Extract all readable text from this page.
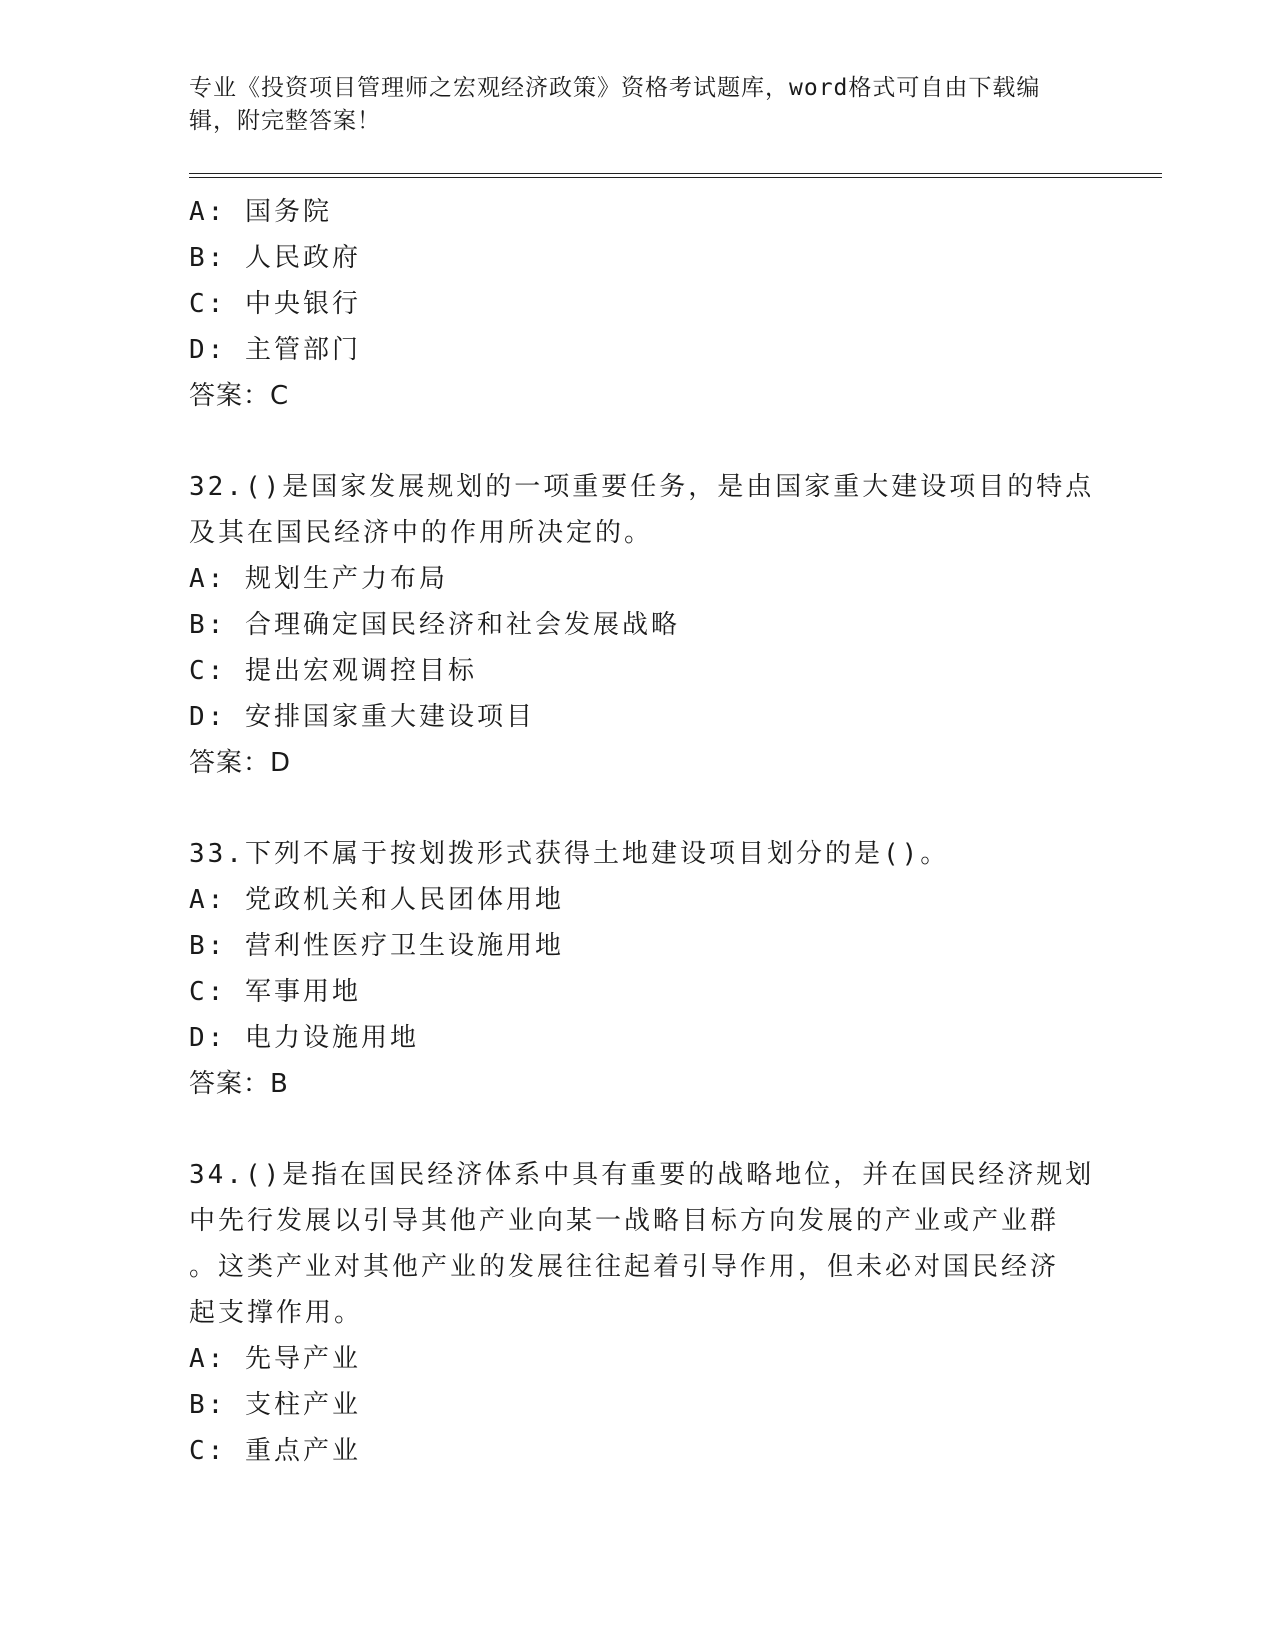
专业《投资项目管理师之宏观经济政策》资格考试题库，word格式可自由下载编
辑，附完整答案！
A: 国务院
B: 人民政府
C: 中央银行
D: 主管部门
答案：C
32.()是国家发展规划的一项重要任务，是由国家重大建设项目的特点
及其在国民经济中的作用所决定的。
A: 规划生产力布局
B: 合理确定国民经济和社会发展战略
C: 提出宏观调控目标
D: 安排国家重大建设项目
答案：D
33.下列不属于按划拨形式获得土地建设项目划分的是()。
A: 党政机关和人民团体用地
B: 营利性医疗卫生设施用地
C: 军事用地
D: 电力设施用地
答案：B
34.()是指在国民经济体系中具有重要的战略地位，并在国民经济规划
中先行发展以引导其他产业向某一战略目标方向发展的产业或产业群
。这类产业对其他产业的发展往往起着引导作用，但未必对国民经济
起支撑作用。
A: 先导产业
B: 支柱产业
C: 重点产业
